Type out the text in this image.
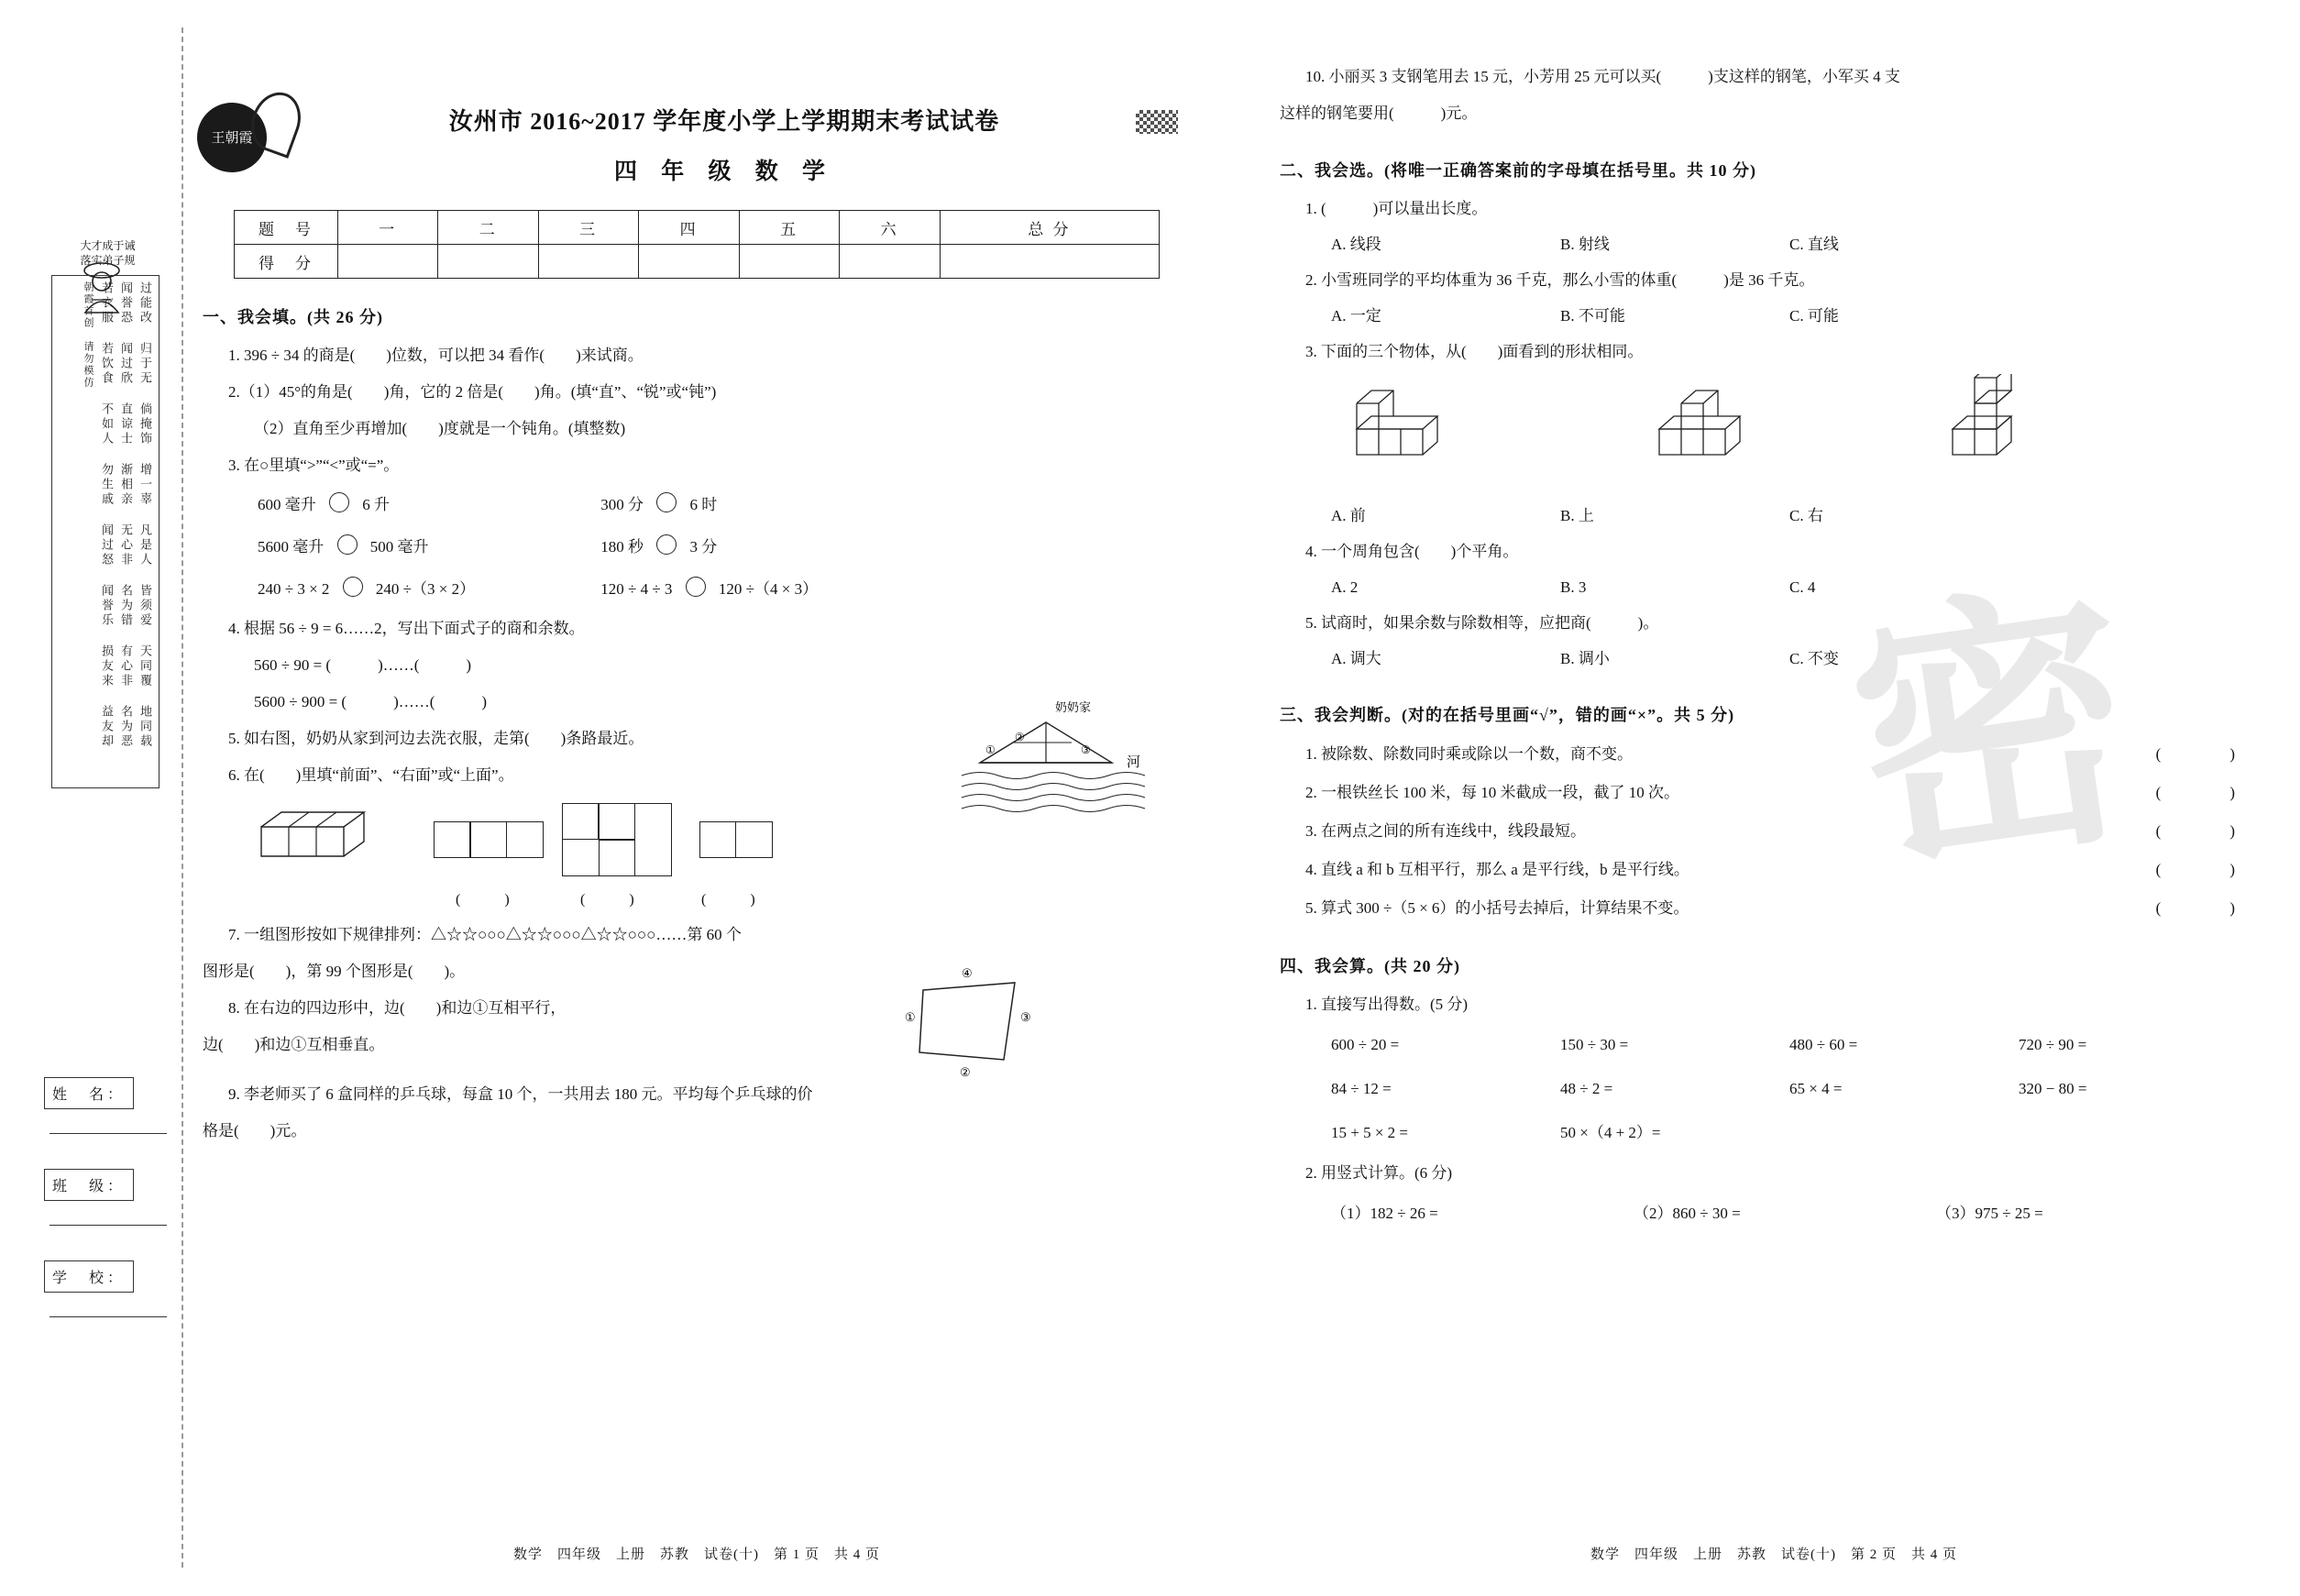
密
大才成于诫
落实弟子规
过能改 归于无 倘掩饰 增一辜 凡是人 皆须爱 天同覆 地同载
闻誉恐 闻过欣 直谅士 渐相亲 无心非 名为错 有心非 名为恶
若衣服 若饮食 不如人 勿生戚 闻过怒 闻誉乐 损友来 益友却
朝霞首创　请勿模仿
姓　名：
班　级：
学　校：
王朝霞
汝州市 2016~2017 学年度小学上学期期末考试试卷
四 年 级 数 学
题　号	一	二	三	四	五	六	总 分
得　分							
一、我会填。(共 26 分)
1. 396 ÷ 34 的商是(　　)位数，可以把 34 看作(　　)来试商。
2.（1）45°的角是(　　)角，它的 2 倍是(　　)角。(填“直”、“锐”或“钝”)
（2）直角至少再增加(　　)度就是一个钝角。(填整数)
3. 在○里填“>”“<”或“=”。
600 毫升	6 升	300 分	6 时
5600 毫升	500 毫升	180 秒	3 分
240 ÷ 3 × 2	240 ÷（3 × 2）	120 ÷ 4 ÷ 3	120 ÷（4 × 3）
4. 根据 56 ÷ 9 = 6……2，写出下面式子的商和余数。
560 ÷ 90 = (　　　)……(　　　)
5600 ÷ 900 = (　　　)……(　　　)
5. 如右图，奶奶从家到河边去洗衣服，走第(　　)条路最近。
奶奶家
①
②
③
河
6. 在(　　)里填“前面”、“右面”或“上面”。
(　　　)	(　　　)	(　　　)
7. 一组图形按如下规律排列：△☆☆○○○△☆☆○○○△☆☆○○○……第 60 个
图形是(　　)，第 99 个图形是(　　)。
8. 在右边的四边形中，边(　　)和边①互相平行，
边(　　)和边①互相垂直。
④
①	③
②
9. 李老师买了 6 盒同样的乒乓球，每盒 10 个，一共用去 180 元。平均每个乒乓球的价
格是(　　)元。
10. 小丽买 3 支钢笔用去 15 元，小芳用 25 元可以买(　　　)支这样的钢笔，小军买 4 支
这样的钢笔要用(　　　)元。
二、我会选。(将唯一正确答案前的字母填在括号里。共 10 分)
1. (　　　)可以量出长度。
A. 线段	B. 射线	C. 直线
2. 小雪班同学的平均体重为 36 千克，那么小雪的体重(　　　)是 36 千克。
A. 一定	B. 不可能	C. 可能
3. 下面的三个物体，从(　　)面看到的形状相同。
A. 前	B. 上	C. 右
4. 一个周角包含(　　)个平角。
A. 2	B. 3	C. 4
5. 试商时，如果余数与除数相等，应把商(　　　)。
A. 调大	B. 调小	C. 不变
三、我会判断。(对的在括号里画“√”，错的画“×”。共 5 分)
1. 被除数、除数同时乘或除以一个数，商不变。	(　　　)
2. 一根铁丝长 100 米，每 10 米截成一段，截了 10 次。	(　　　)
3. 在两点之间的所有连线中，线段最短。	(　　　)
4. 直线 a 和 b 互相平行，那么 a 是平行线，b 是平行线。	(　　　)
5. 算式 300 ÷（5 × 6）的小括号去掉后，计算结果不变。	(　　　)
四、我会算。(共 20 分)
1. 直接写出得数。(5 分)
600 ÷ 20 =	150 ÷ 30 =	480 ÷ 60 =	720 ÷ 90 =
84 ÷ 12 =	48 ÷ 2 =	65 × 4 =	320 − 80 =
15 + 5 × 2 =	50 ×（4 + 2）=
2. 用竖式计算。(6 分)
（1）182 ÷ 26 =	（2）860 ÷ 30 =	（3）975 ÷ 25 =
数学　四年级　上册　苏教　试卷(十)　第 1 页　共 4 页	数学　四年级　上册　苏教　试卷(十)　第 2 页　共 4 页
